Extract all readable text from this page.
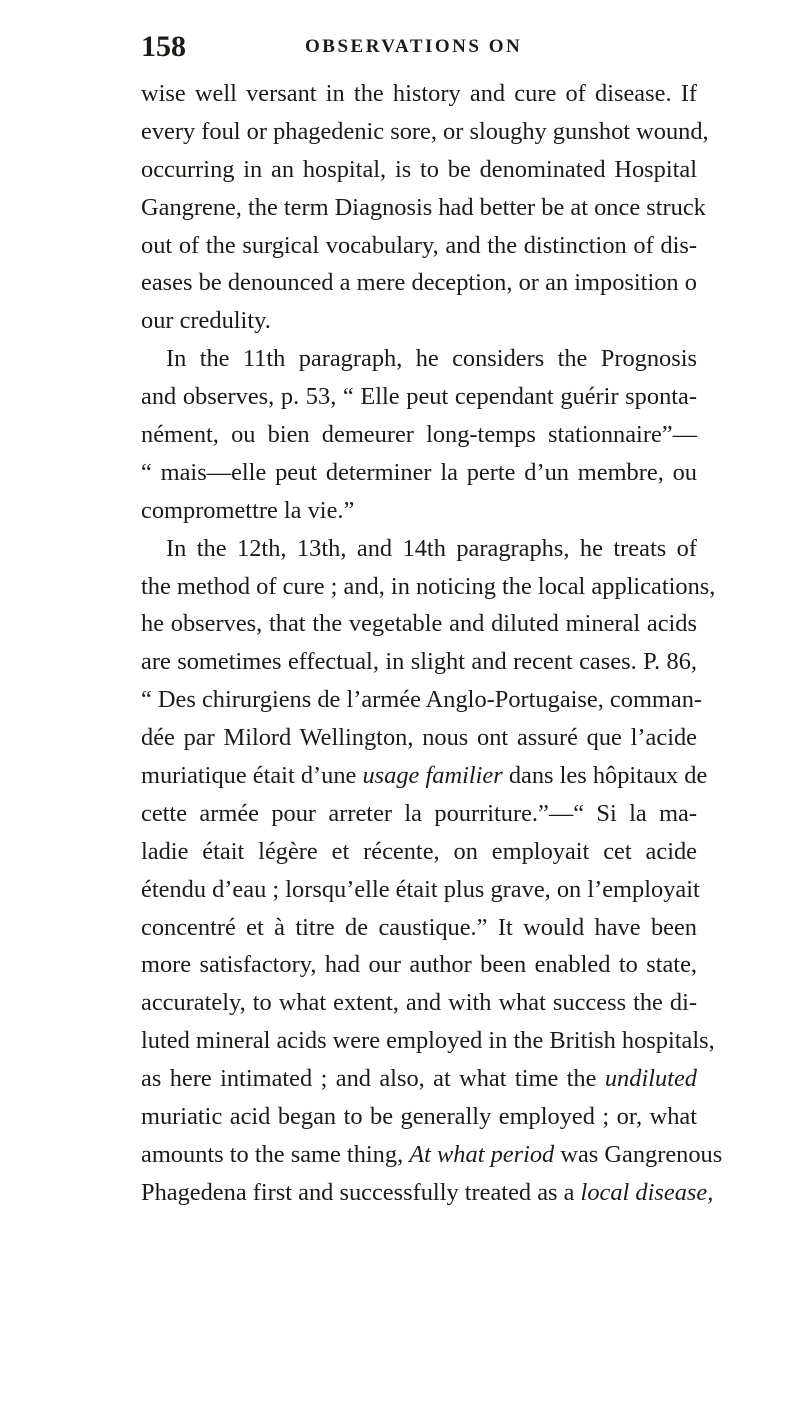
158	OBSERVATIONS ON
wise well versant in the history and cure of disease. If
every foul or phagedenic sore, or sloughy gunshot wound,
occurring in an hospital, is to be denominated Hospital
Gangrene, the term Diagnosis had better be at once struck
out of the surgical vocabulary, and the distinction of dis-
eases be denounced a mere deception, or an imposition o
our credulity.
In the 11th paragraph, he considers the Prognosis
and observes, p. 53, “ Elle peut cependant guérir sponta-
nément, ou bien demeurer long-temps stationnaire”—
“ mais—elle peut determiner la perte d’un membre, ou
compromettre la vie.”
In the 12th, 13th, and 14th paragraphs, he treats of
the method of cure ; and, in noticing the local applications,
he observes, that the vegetable and diluted mineral acids
are sometimes effectual, in slight and recent cases. P. 86,
“ Des chirurgiens de l’armée Anglo-Portugaise, comman-
dée par Milord Wellington, nous ont assuré que l’acide
muriatique était d’une usage familier dans les hôpitaux de
cette armée pour arreter la pourriture.”—“ Si la ma-
ladie était légère et récente, on employait cet acide
étendu d’eau ; lorsqu’elle était plus grave, on l’employait
concentré et à titre de caustique.” It would have been
more satisfactory, had our author been enabled to state,
accurately, to what extent, and with what success the di-
luted mineral acids were employed in the British hospitals,
as here intimated ; and also, at what time the undiluted
muriatic acid began to be generally employed ; or, what
amounts to the same thing, At what period was Gangrenous
Phagedena first and successfully treated as a local disease,
